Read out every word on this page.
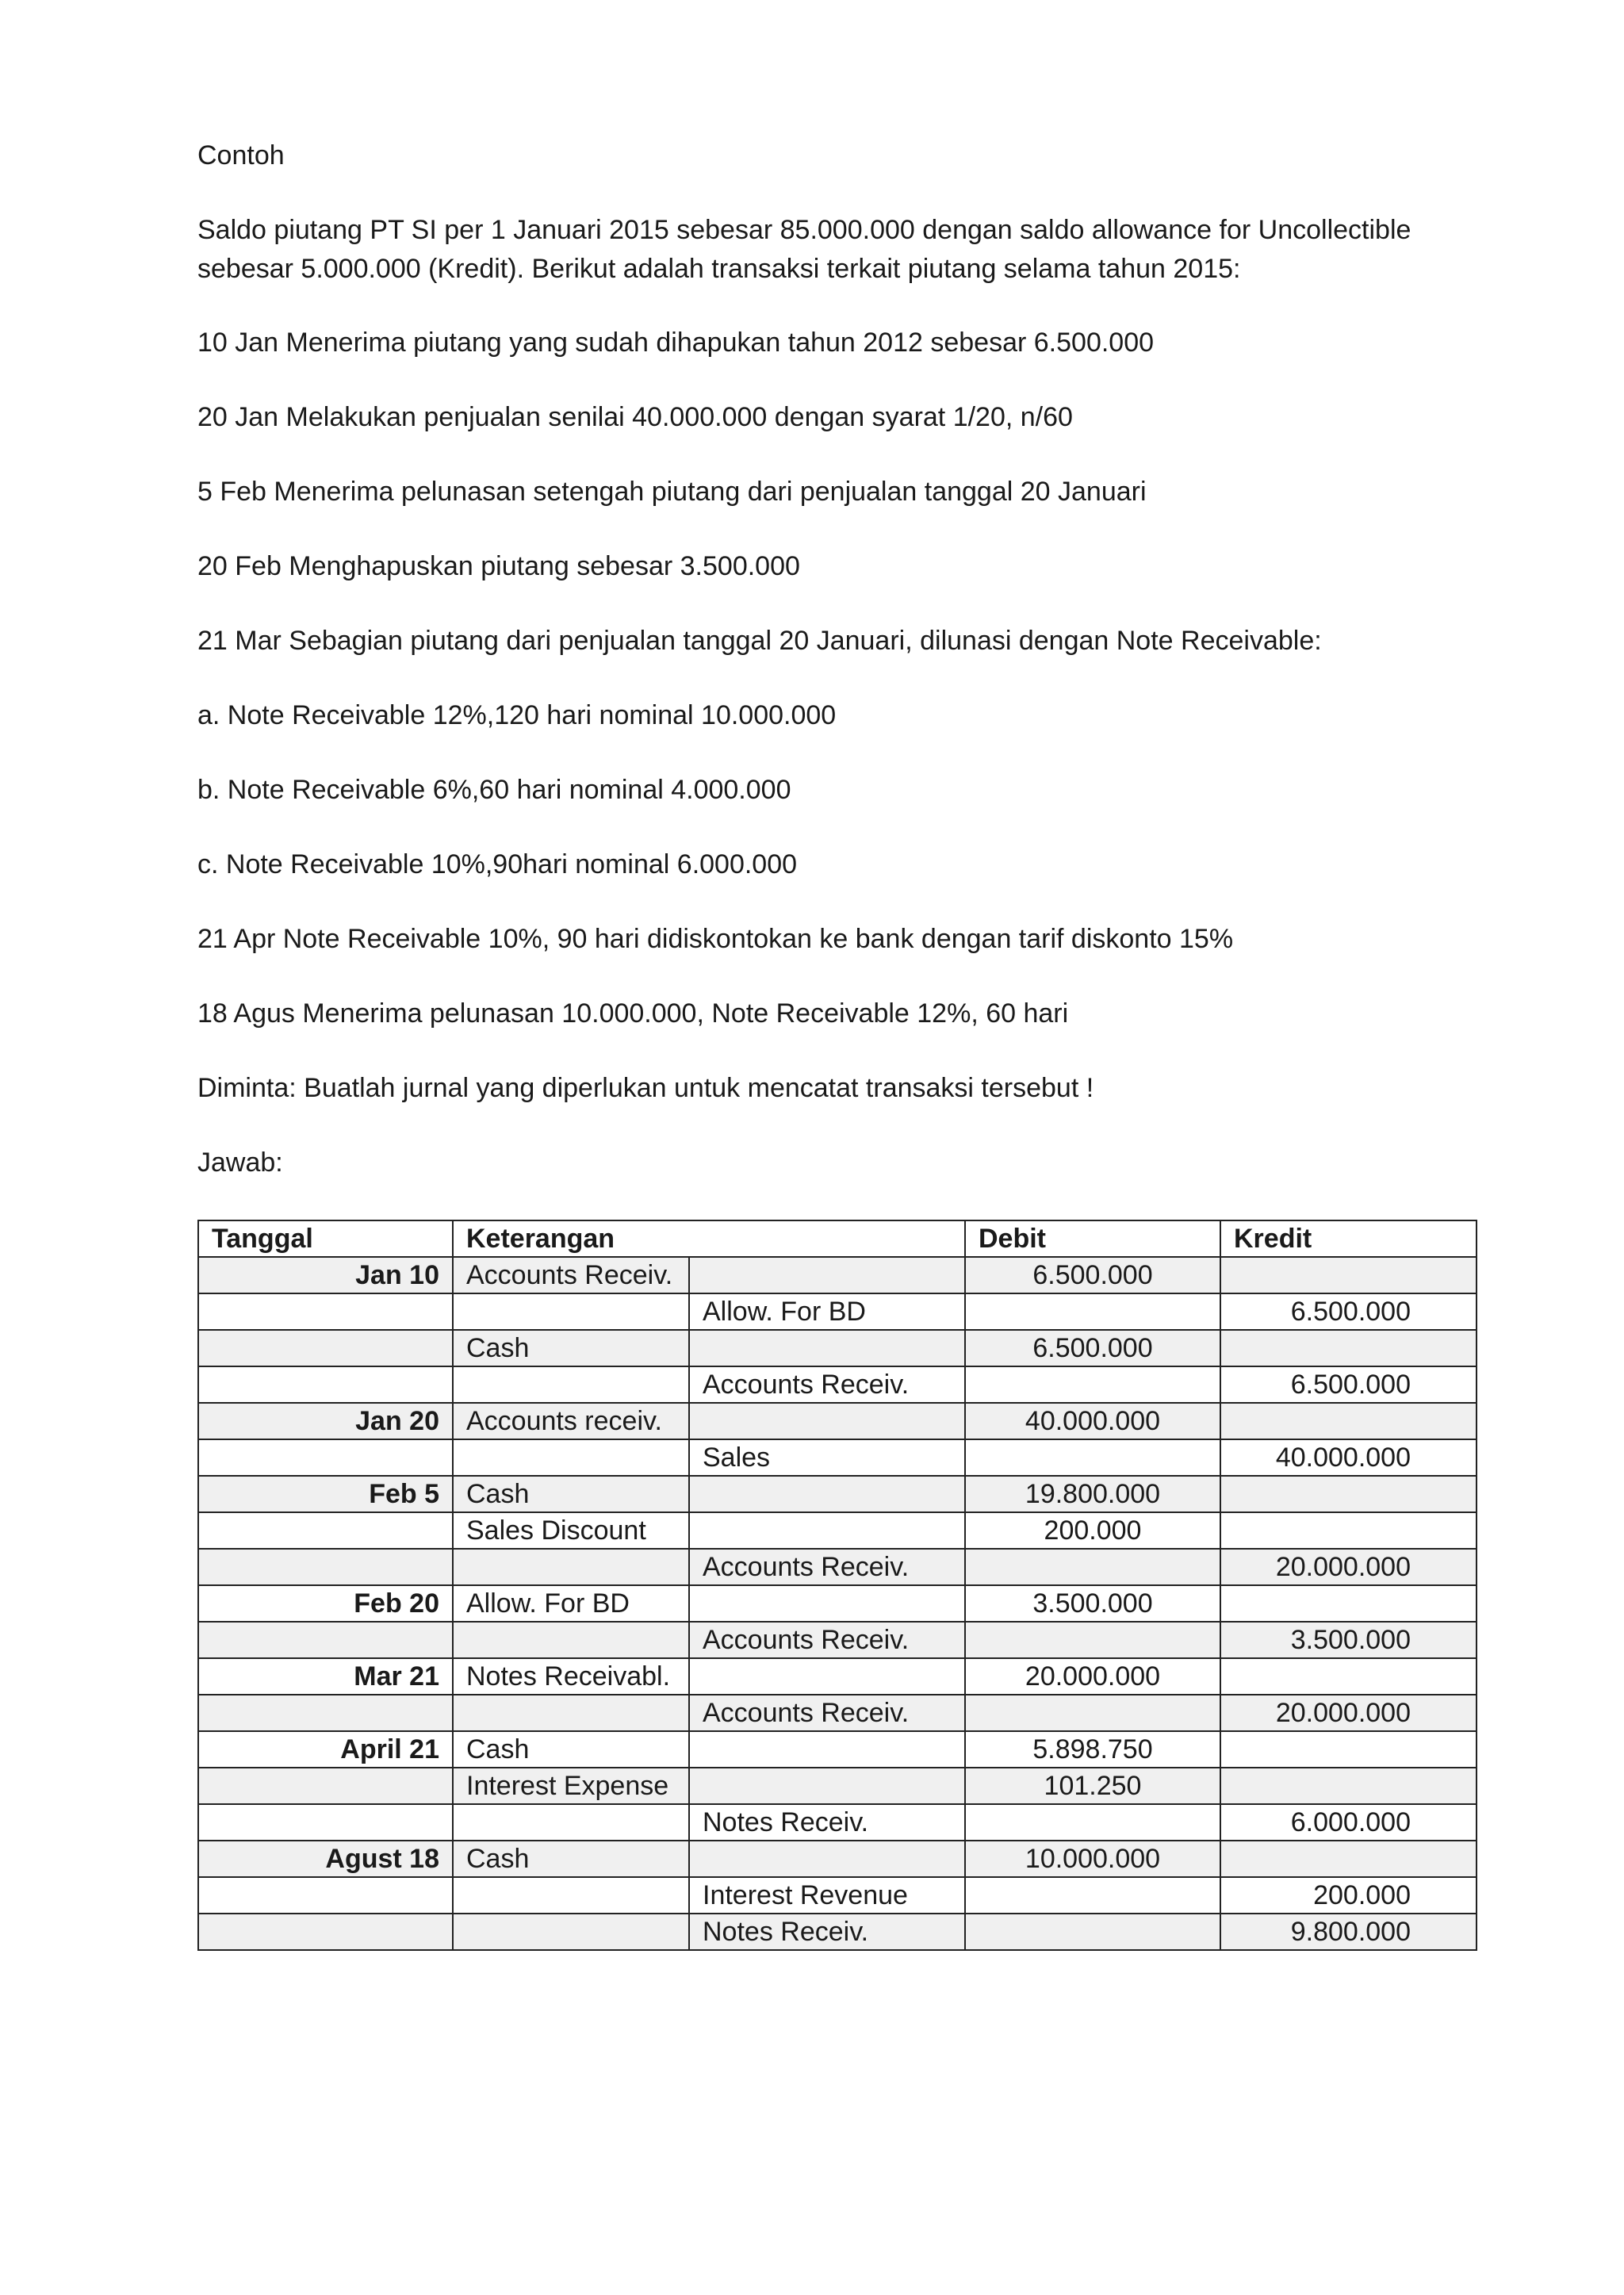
Contoh

Saldo piutang PT SI per 1 Januari 2015 sebesar 85.000.000 dengan saldo allowance for Uncollectible sebesar 5.000.000 (Kredit). Berikut adalah transaksi terkait piutang selama tahun 2015:

10 Jan Menerima piutang yang sudah dihapukan tahun 2012 sebesar 6.500.000

20 Jan Melakukan penjualan senilai 40.000.000 dengan syarat 1/20, n/60

5 Feb Menerima pelunasan setengah piutang dari penjualan tanggal 20 Januari

20 Feb Menghapuskan piutang sebesar 3.500.000

21 Mar Sebagian piutang dari penjualan tanggal 20 Januari, dilunasi dengan Note Receivable:

a. Note Receivable 12%,120 hari nominal 10.000.000

b. Note Receivable 6%,60 hari nominal 4.000.000

c. Note Receivable 10%,90hari nominal 6.000.000

21 Apr Note Receivable 10%, 90 hari didiskontokan ke bank dengan tarif diskonto 15%

18 Agus Menerima pelunasan 10.000.000, Note Receivable 12%, 60 hari

Diminta: Buatlah jurnal yang diperlukan untuk mencatat transaksi tersebut !

Jawab:

Tanggal	Keterangan		Debit	Kredit
Jan 10	Accounts Receiv.		6.500.000	
		Allow. For BD		6.500.000
	Cash		6.500.000	
		Accounts Receiv.		6.500.000
Jan 20	Accounts receiv.		40.000.000	
		Sales		40.000.000
Feb 5	Cash		19.800.000	
	Sales Discount		200.000	
		Accounts Receiv.		20.000.000
Feb 20	Allow. For BD		3.500.000	
		Accounts Receiv.		3.500.000
Mar 21	Notes Receivabl.		20.000.000	
		Accounts Receiv.		20.000.000
April 21	Cash		5.898.750	
	Interest Expense		101.250	
		Notes Receiv.		6.000.000
Agust 18	Cash		10.000.000	
		Interest Revenue		200.000
		Notes Receiv.		9.800.000
